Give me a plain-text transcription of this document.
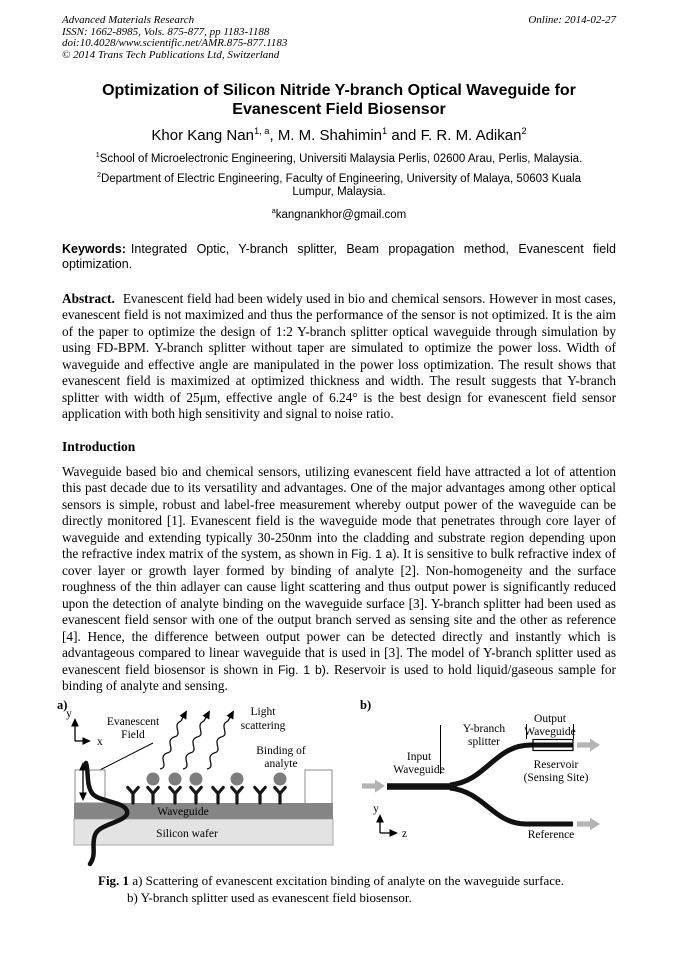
Advanced Materials Research
ISSN: 1662-8985, Vols. 875-877, pp 1183-1188
doi:10.4028/www.scientific.net/AMR.875-877.1183
© 2014 Trans Tech Publications Ltd, Switzerland
Online: 2014-02-27
Optimization of Silicon Nitride Y-branch Optical Waveguide for
Evanescent Field Biosensor
Khor Kang Nan$^{1, a}$, M. M. Shahimin$^1$ and F. R. M. Adikan$^2$
$^1$School of Microelectronic Engineering, Universiti Malaysia Perlis, 02600 Arau, Perlis, Malaysia.
$^2$Department of Electric Engineering, Faculty of Engineering, University of Malaya, 50603 Kuala Lumpur, Malaysia.
$^a$kangnankhor@gmail.com
Keywords: Integrated Optic, Y-branch splitter, Beam propagation method, Evanescent field optimization.
Abstract. Evanescent field had been widely used in bio and chemical sensors. However in most cases, evanescent field is not maximized and thus the performance of the sensor is not optimized. It is the aim of the paper to optimize the design of 1:2 Y-branch splitter optical waveguide through simulation by using FD-BPM. Y-branch splitter without taper are simulated to optimize the power loss. Width of waveguide and effective angle are manipulated in the power loss optimization. The result shows that evanescent field is maximized at optimized thickness and width. The result suggests that Y-branch splitter with width of 25μm, effective angle of 6.24° is the best design for evanescent field sensor application with both high sensitivity and signal to noise ratio.
Introduction
Waveguide based bio and chemical sensors, utilizing evanescent field have attracted a lot of attention this past decade due to its versatility and advantages. One of the major advantages among other optical sensors is simple, robust and label-free measurement whereby output power of the waveguide can be directly monitored [1]. Evanescent field is the waveguide mode that penetrates through core layer of waveguide and extending typically 30-250nm into the cladding and substrate region depending upon the refractive index matrix of the system, as shown in Fig. 1 a). It is sensitive to bulk refractive index of cover layer or growth layer formed by binding of analyte [2]. Non-homogeneity and the surface roughness of the thin adlayer can cause light scattering and thus output power is significantly reduced upon the detection of analyte binding on the waveguide surface [3]. Y-branch splitter had been used as evanescent field sensor with one of the output branch served as sensing site and the other as reference [4]. Hence, the difference between output power can be detected directly and instantly which is advantageous compared to linear waveguide that is used in [3]. The model of Y-branch splitter used as evanescent field biosensor is shown in Fig. 1 b). Reservoir is used to hold liquid/gaseous sample for binding of analyte and sensing.
a)
y
x
Evanescent
Field
Light
scattering
Binding of
analyte
Waveguide
Silicon wafer
b)
Input
Waveguide
Y-branch
splitter
Output
Waveguide
Reservoir
(Sensing Site)
Reference
y
z
Fig. 1 a) Scattering of evanescent excitation binding of analyte on the waveguide surface.
b) Y-branch splitter used as evanescent field biosensor.
